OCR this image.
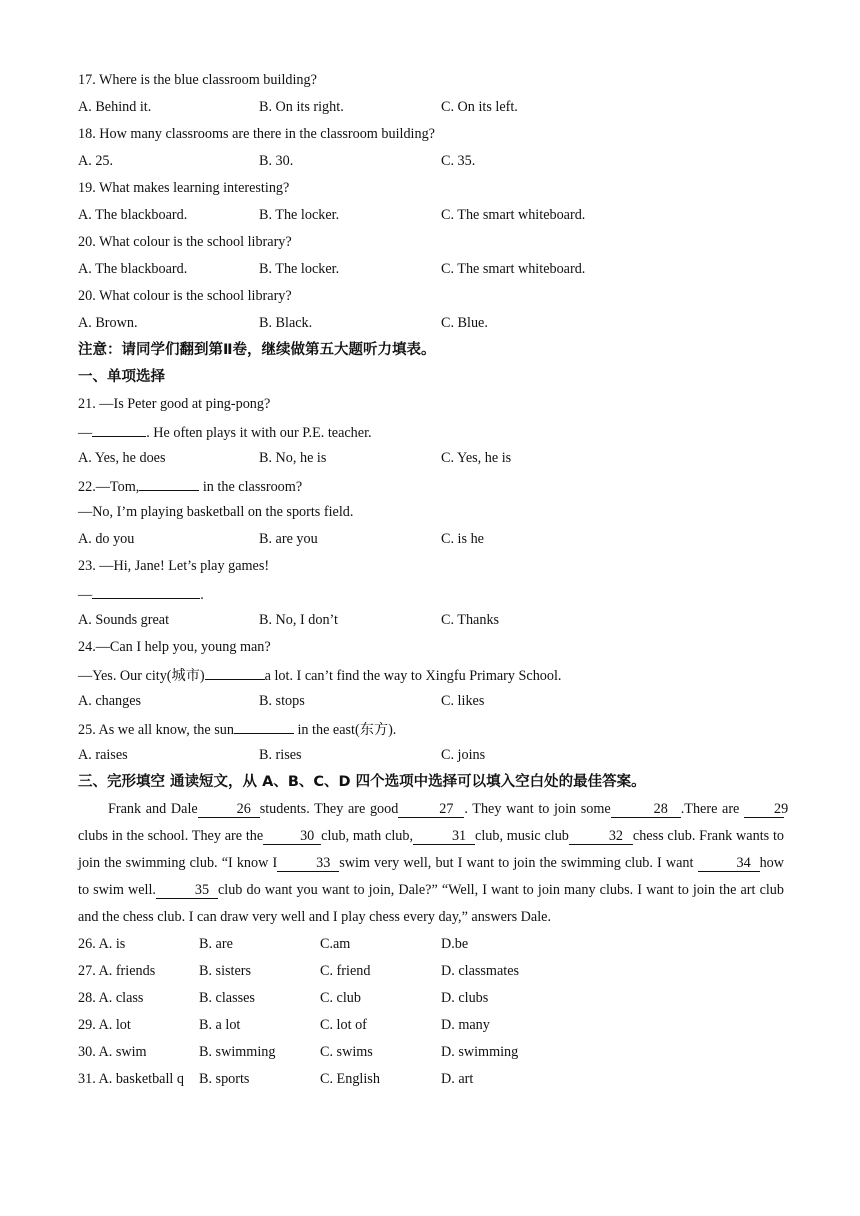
17. Where is the blue classroom building?
A. Behind it.	B. On its right.	C. On its left.
18. How many classrooms are there in the classroom building?
A. 25.	B. 30.	C. 35.
19. What makes learning interesting?
A. The blackboard.	B. The locker.	C. The smart whiteboard.
20. What colour is the school library?
A. The blackboard.	B. The locker.	C. The smart whiteboard.
20. What colour is the school library?
A. Brown.	B. Black.	C. Blue.
注意：请同学们翻到第Ⅱ卷，继续做第五大题听力填表。
一、单项选择
21. —Is Peter good at ping-pong?
—	. He often plays it with our P.E. teacher.
A. Yes, he does	B. No, he is	C. Yes, he is
22.—Tom,	in the classroom?
—No, I’m playing basketball on the sports field.
A. do you	B. are you	C. is he
23. —Hi, Jane! Let’s play games!
—	.
A. Sounds great	B. No, I don’t	C. Thanks
24.—Can I help you, young man?
—Yes. Our city(城市)	a lot. I can’t find the way to Xingfu Primary School.
A. changes	B. stops	C. likes
25. As we all know, the sun	in the east(东方).
A. raises	B. rises	C. joins
三、完形填空 通读短文，从 A、B、C、D 四个选项中选择可以填入空白处的最佳答案。

Frank and Dale	26 students. They are good	27 . They want to join some	28 .There are 29clubs in the school. They are the	30 club, math club,	31 club, music club	32 chess club. Frank wants to join the swimming club. “I know I	33 swim very well, but I want to join the swimming club. I want	34 how to swim well.	35 club do want you want to join, Dale?” “Well, I want to join many clubs. I want to join the art club and the chess club. I can draw very well and I play chess every day,” answers Dale.

26. A. is	B. are	C.am	D.be
27. A. friends	B. sisters	C. friend	D. classmates
28. A. class	B. classes	C. club	D. clubs
29. A. lot	B. a lot	C. lot of	D. many
30. A. swim	B. swimming	C. swims	D. swimming
31. A. basketball q	B. sports	C. English	D. art
